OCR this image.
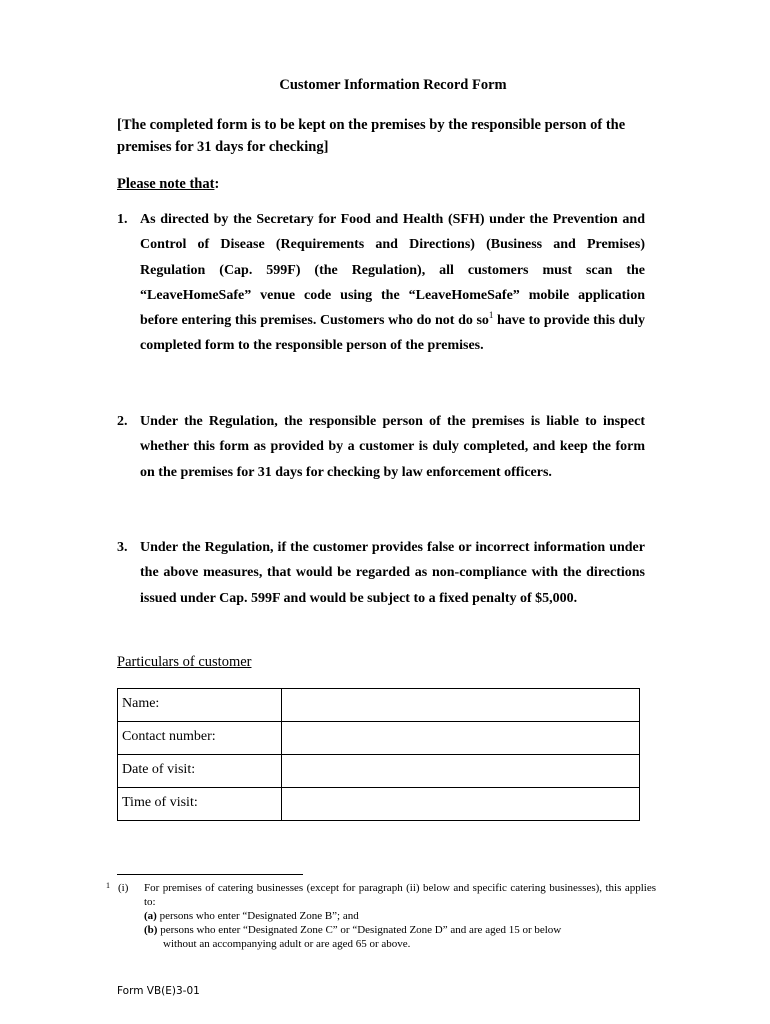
Customer Information Record Form
[The completed form is to be kept on the premises by the responsible person of the premises for 31 days for checking]
Please note that:
1. As directed by the Secretary for Food and Health (SFH) under the Prevention and Control of Disease (Requirements and Directions) (Business and Premises) Regulation (Cap. 599F) (the Regulation), all customers must scan the “LeaveHomeSafe” venue code using the “LeaveHomeSafe” mobile application before entering this premises. Customers who do not do $so^1$ have to provide this duly completed form to the responsible person of the premises.
2. Under the Regulation, the responsible person of the premises is liable to inspect whether this form as provided by a customer is duly completed, and keep the form on the premises for 31 days for checking by law enforcement officers.
3. Under the Regulation, if the customer provides false or incorrect information under the above measures, that would be regarded as non-compliance with the directions issued under Cap. 599F and would be subject to a fixed penalty of $5,000.
Particulars of customer
Name:	
Contact number:	
Date of visit:	
Time of visit:	
1 (i) For premises of catering businesses (except for paragraph (ii) below and specific catering businesses), this applies to:
(a) persons who enter “Designated Zone B”; and
(b) persons who enter “Designated Zone C” or “Designated Zone D” and are aged 15 or below
without an accompanying adult or are aged 65 or above.
Form VB(E)3-01
